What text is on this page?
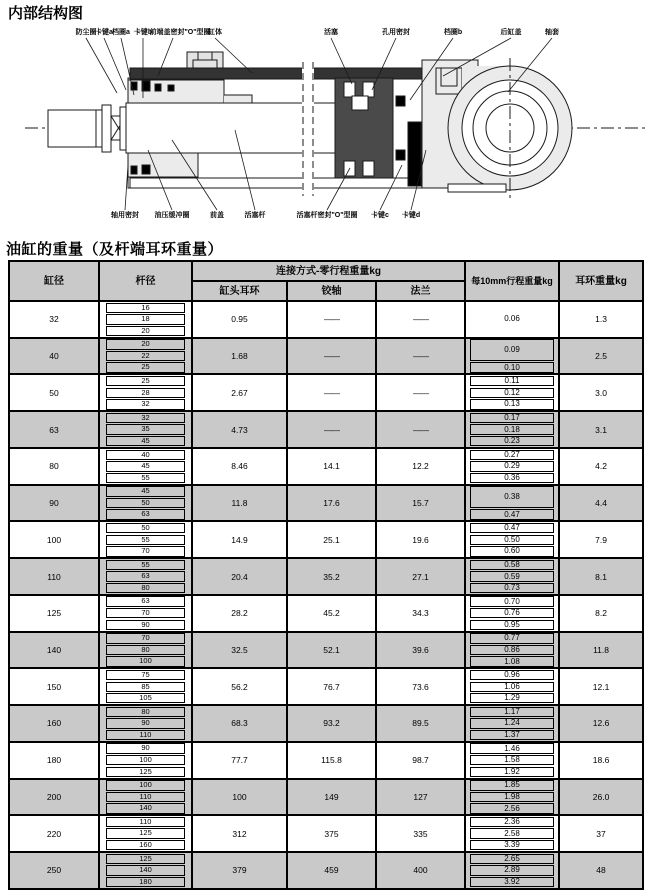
内部结构图
防尘圈
卡键a 档圈a 卡键b
前端盖密封"O"型圈
缸体	活塞	孔用密封	档圈b	后缸盖	轴套
轴用密封 油压缓冲圈	前盖	活塞杆	活塞杆密封"O"型圈 卡键c 卡键d
油缸的重量（及杆端耳环重量）
缸径	杆径	连接方式-零行程重量kg			每10mm行程重量kg	耳环重量kg
		缸头耳环	铰轴	法兰		
32	16	0.95	——	——	0.06	1.3

	18					

	20					

40	20	1.68	——	——	0.09	2.5

	22					

	25				0.10	

50	25	2.67	——	——	0.11	3.0

	28				0.12	

	32				0.13	

63	32	4.73	——	——	0.17	3.1

	35				0.18	

	45				0.23	

80	40	8.46	14.1	12.2	0.27	4.2

	45				0.29	

	55				0.36	

90	45	11.8	17.6	15.7	0.38	4.4

	50					

	63				0.47	

100	50	14.9	25.1	19.6	0.47	7.9

	55				0.50	

	70				0.60	

110	55	20.4	35.2	27.1	0.58	8.1

	63				0.59	

	80				0.73	

125	63	28.2	45.2	34.3	0.70	8.2

	70				0.76	

	90				0.95	

140	70	32.5	52.1	39.6	0.77	11.8

	80				0.86	

	100				1.08	

150	75	56.2	76.7	73.6	0.96	12.1

	85				1.06	

	105				1.29	

160	80	68.3	93.2	89.5	1.17	12.6

	90				1.24	

	110				1.37	

180	90	77.7	115.8	98.7	1.46	18.6

	100				1.58	

	125				1.92	

200	100	100	149	127	1.85	26.0

	110				1.98	

	140				2.56	

220	110	312	375	335	2.36	37

	125				2.58	

	160				3.39	

250	125	379	459	400	2.65	48

	140				2.89	

	180				3.92	
